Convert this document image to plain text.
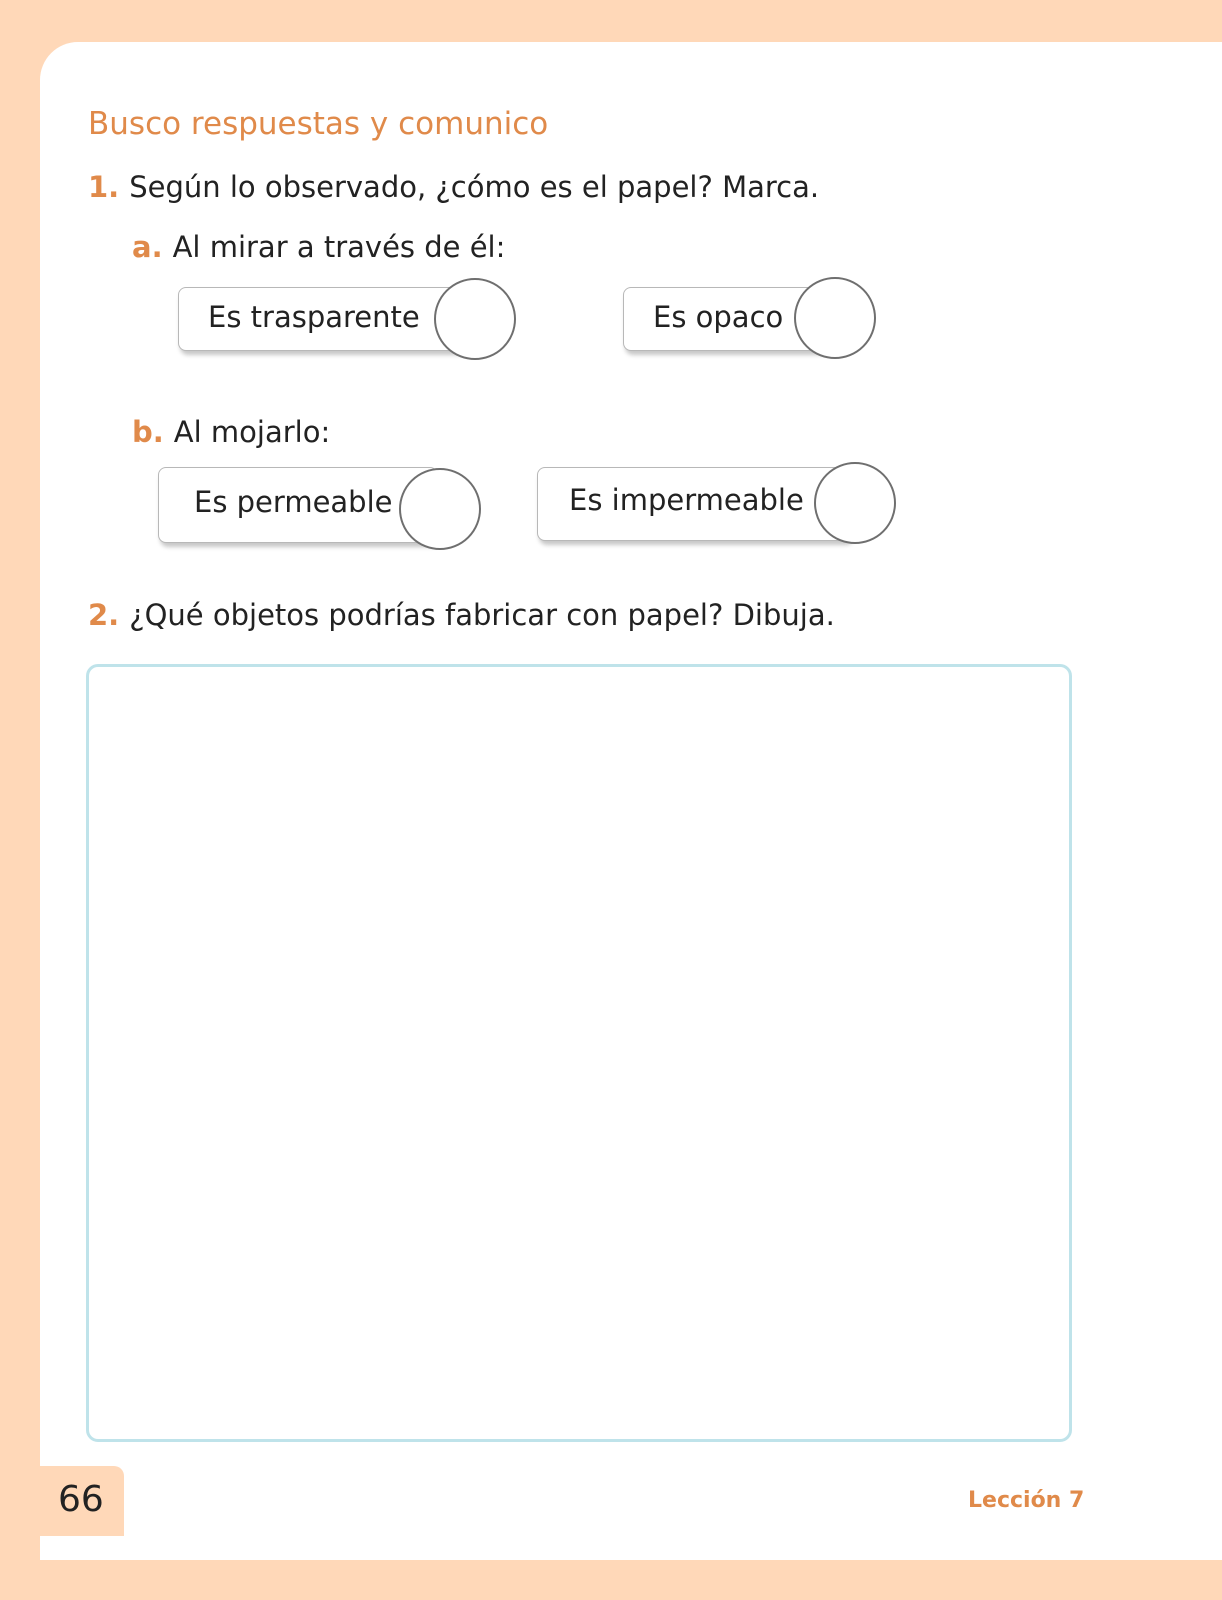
Busco respuestas y comunico
1. Según lo observado, ¿cómo es el papel? Marca.
a. Al mirar a través de él:
Es trasparente	Es opaco
b. Al mojarlo:
Es permeable	Es impermeable
2. ¿Qué objetos podrías fabricar con papel? Dibuja.
66	Lección 7
